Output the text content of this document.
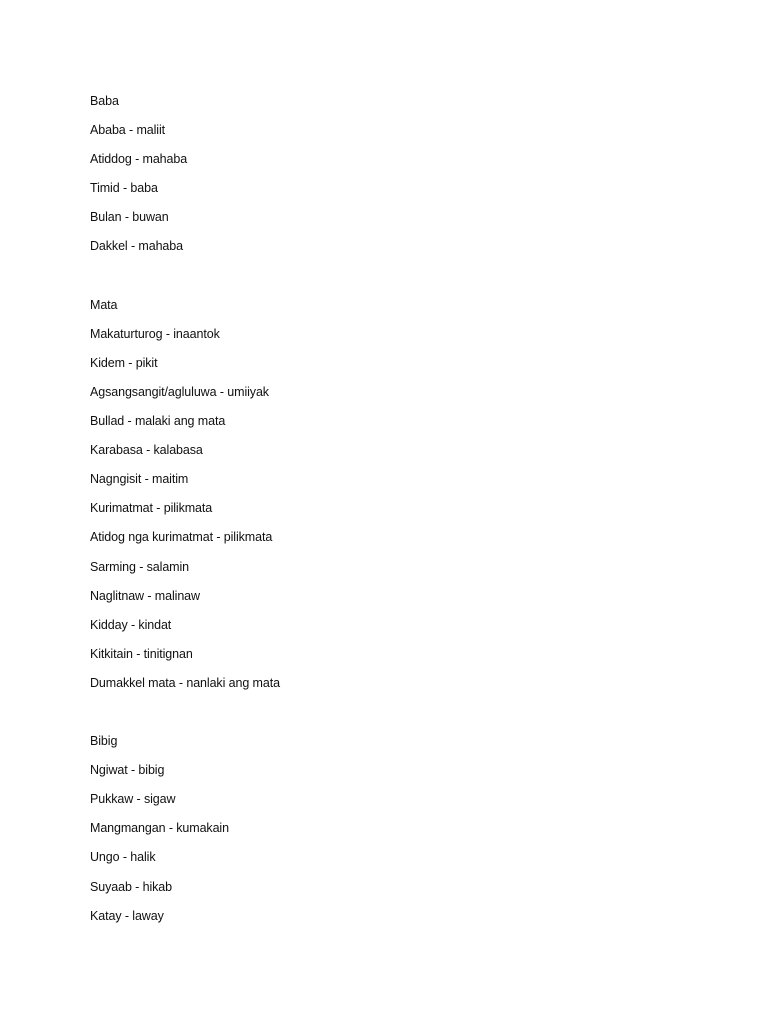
Baba
Ababa - maliit
Atiddog - mahaba
Timid - baba
Bulan - buwan
Dakkel - mahaba
Mata
Makaturturog - inaantok
Kidem - pikit
Agsangsangit/agluluwa - umiiyak
Bullad - malaki ang mata
Karabasa - kalabasa
Nagngisit - maitim
Kurimatmat - pilikmata
Atidog nga kurimatmat - pilikmata
Sarming - salamin
Naglitnaw - malinaw
Kidday - kindat
Kitkitain - tinitignan
Dumakkel mata - nanlaki ang mata
Bibig
Ngiwat - bibig
Pukkaw - sigaw
Mangmangan - kumakain
Ungo - halik
Suyaab - hikab
Katay - laway
